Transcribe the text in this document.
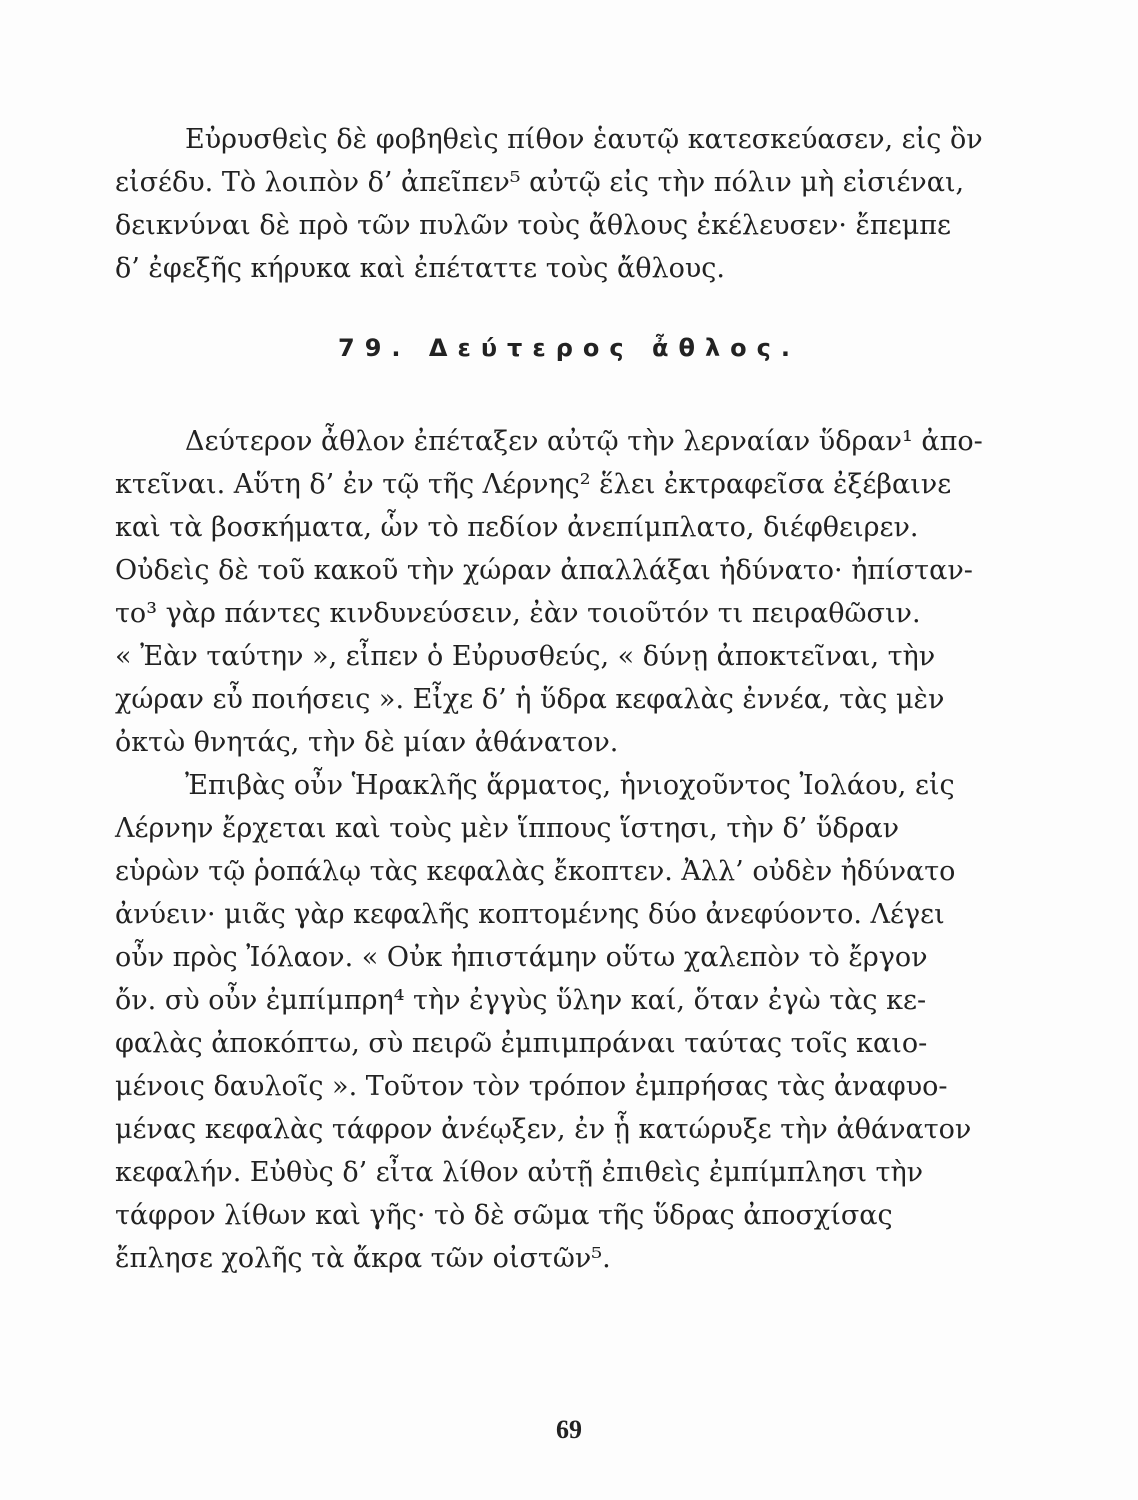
Εὐρυσθεὶς δὲ φοβηθεὶς πίθον ἑαυτῷ κατεσκεύασεν, εἰς ὃν
εἰσέδυ. Τὸ λοιπὸν δ’ ἀπεῖπεν⁵ αὐτῷ εἰς τὴν πόλιν μὴ εἰσιέναι,
δεικνύναι δὲ πρὸ τῶν πυλῶν τοὺς ἄθλους ἐκέλευσεν· ἔπεμπε
δ’ ἐφεξῆς κήρυκα καὶ ἐπέταττε τοὺς ἄθλους.
79. Δεύτερος ἆθλος.
Δεύτερον ἆθλον ἐπέταξεν αὐτῷ τὴν λερναίαν ὕδραν¹ ἀπο-
κτεῖναι. Αὕτη δ’ ἐν τῷ τῆς Λέρνης² ἕλει ἐκτραφεῖσα ἐξέβαινε
καὶ τὰ βοσκήματα, ὧν τὸ πεδίον ἀνεπίμπλατο, διέφθειρεν.
Οὐδεὶς δὲ τοῦ κακοῦ τὴν χώραν ἀπαλλάξαι ἠδύνατο· ἠπίσταν-
το³ γὰρ πάντες κινδυνεύσειν, ἐὰν τοιοῦτόν τι πειραθῶσιν.
« Ἐὰν ταύτην », εἶπεν ὁ Εὐρυσθεύς, « δύνῃ ἀποκτεῖναι, τὴν
χώραν εὖ ποιήσεις ». Εἶχε δ’ ἡ ὕδρα κεφαλὰς ἐννέα, τὰς μὲν
ὀκτὼ θνητάς, τὴν δὲ μίαν ἀθάνατον.
Ἐπιβὰς οὖν Ἡρακλῆς ἅρματος, ἡνιοχοῦντος Ἰολάου, εἰς
Λέρνην ἔρχεται καὶ τοὺς μὲν ἵππους ἵστησι, τὴν δ’ ὕδραν
εὑρὼν τῷ ῥοπάλῳ τὰς κεφαλὰς ἔκοπτεν. Ἀλλ’ οὐδὲν ἠδύνατο
ἀνύειν· μιᾶς γὰρ κεφαλῆς κοπτομένης δύο ἀνεφύοντο. Λέγει
οὖν πρὸς Ἰόλαον. « Οὐκ ἠπιστάμην οὕτω χαλεπὸν τὸ ἔργον
ὄν. σὺ οὖν ἐμπίμπρη⁴ τὴν ἐγγὺς ὕλην καί, ὅταν ἐγὼ τὰς κε-
φαλὰς ἀποκόπτω, σὺ πειρῶ ἐμπιμπράναι ταύτας τοῖς καιο-
μένοις δαυλοῖς ». Τοῦτον τὸν τρόπον ἐμπρήσας τὰς ἀναφυο-
μένας κεφαλὰς τάφρον ἀνέῳξεν, ἐν ᾗ κατώρυξε τὴν ἀθάνατον
κεφαλήν. Εὐθὺς δ’ εἶτα λίθον αὐτῇ ἐπιθεὶς ἐμπίμπλησι τὴν
τάφρον λίθων καὶ γῆς· τὸ δὲ σῶμα τῆς ὕδρας ἀποσχίσας
ἔπλησε χολῆς τὰ ἄκρα τῶν οἰστῶν⁵.
69
